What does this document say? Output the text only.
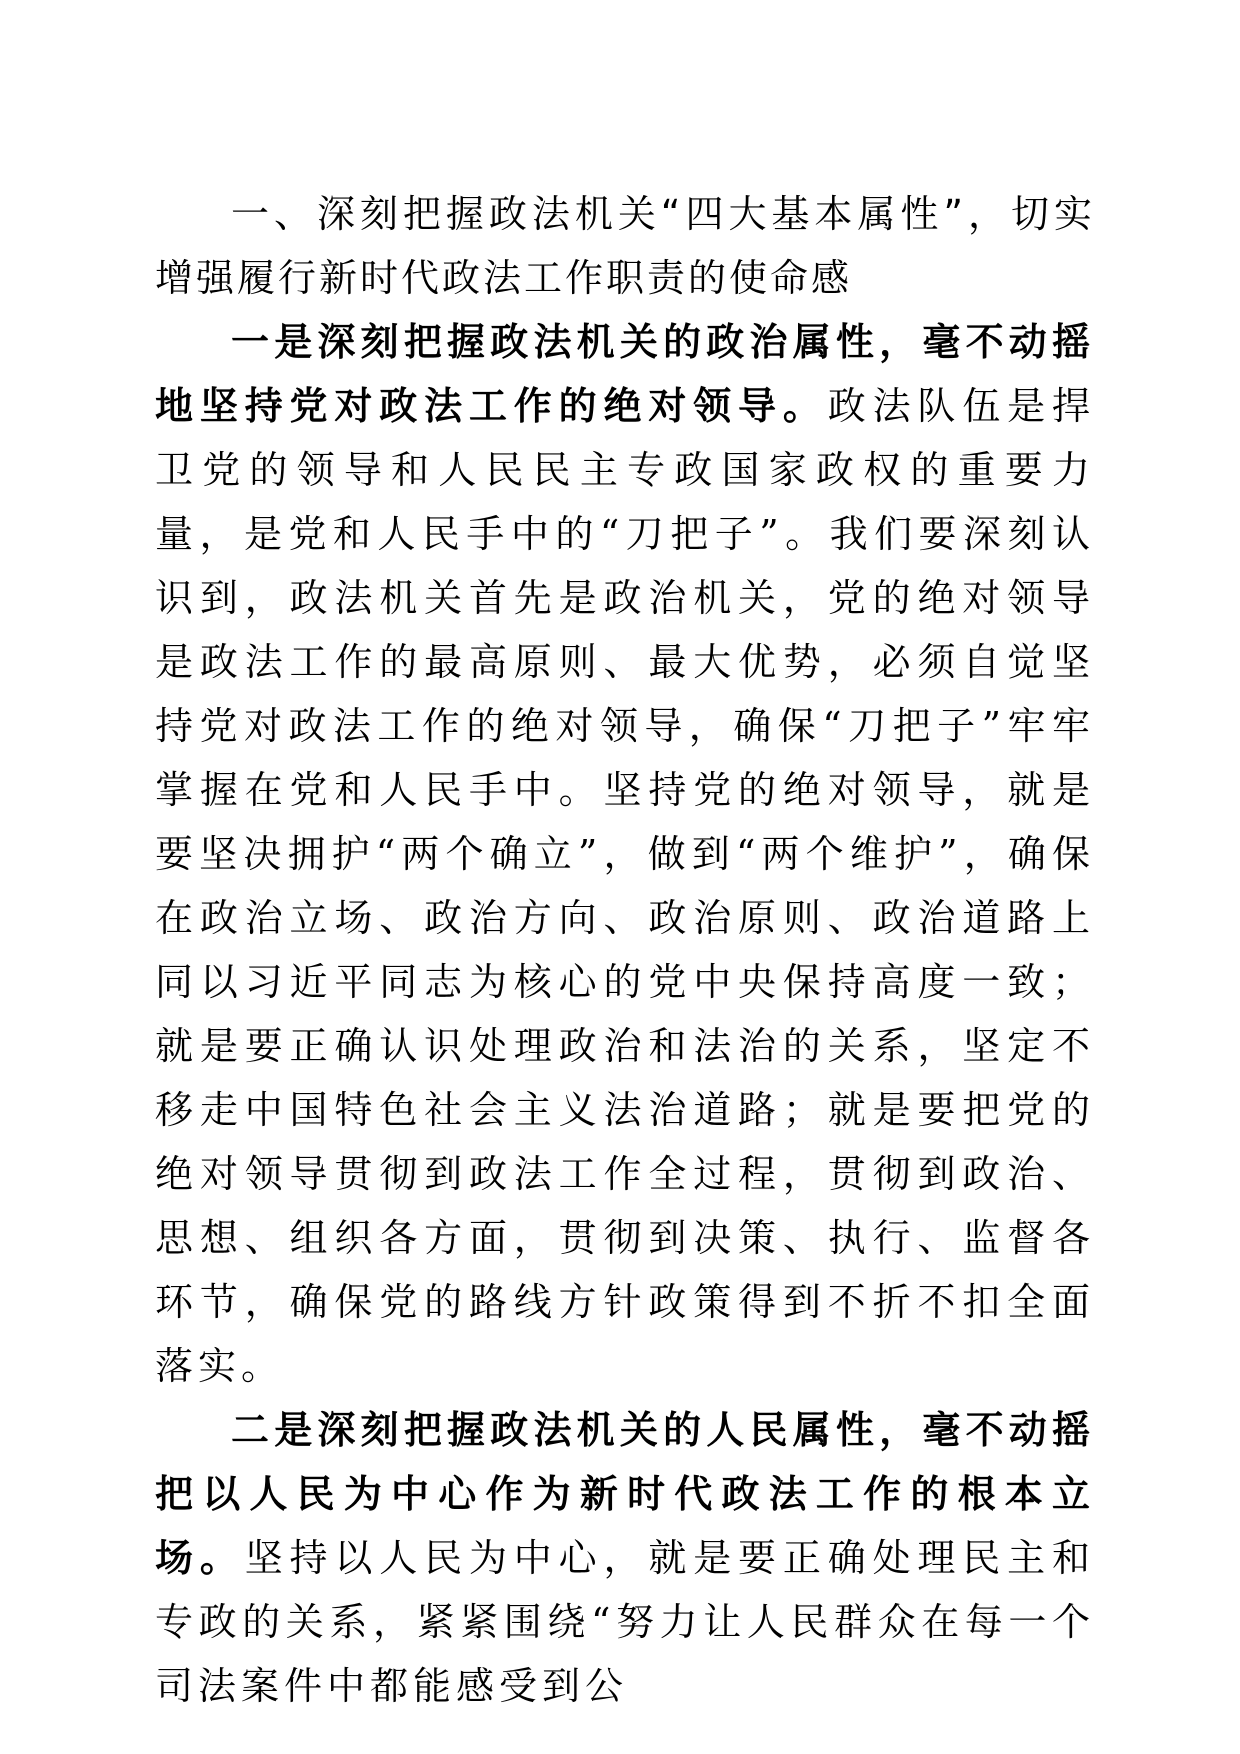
一、深刻把握政法机关“四大基本属性”，切实增强履行新时代政法工作职责的使命感

一是深刻把握政法机关的政治属性，毫不动摇地坚持党对政法工作的绝对领导。政法队伍是捍卫党的领导和人民民主专政国家政权的重要力量，是党和人民手中的“刀把子”。我们要深刻认识到，政法机关首先是政治机关，党的绝对领导是政法工作的最高原则、最大优势，必须自觉坚持党对政法工作的绝对领导，确保“刀把子”牢牢掌握在党和人民手中。坚持党的绝对领导，就是要坚决拥护“两个确立”，做到“两个维护”，确保在政治立场、政治方向、政治原则、政治道路上同以习近平同志为核心的党中央保持高度一致；就是要正确认识处理政治和法治的关系，坚定不移走中国特色社会主义法治道路；就是要把党的绝对领导贯彻到政法工作全过程，贯彻到政治、思想、组织各方面，贯彻到决策、执行、监督各环节，确保党的路线方针政策得到不折不扣全面落实。

二是深刻把握政法机关的人民属性，毫不动摇把以人民为中心作为新时代政法工作的根本立场。坚持以人民为中心，就是要正确处理民主和专政的关系，紧紧围绕“努力让人民群众在每一个司法案件中都能感受到公
